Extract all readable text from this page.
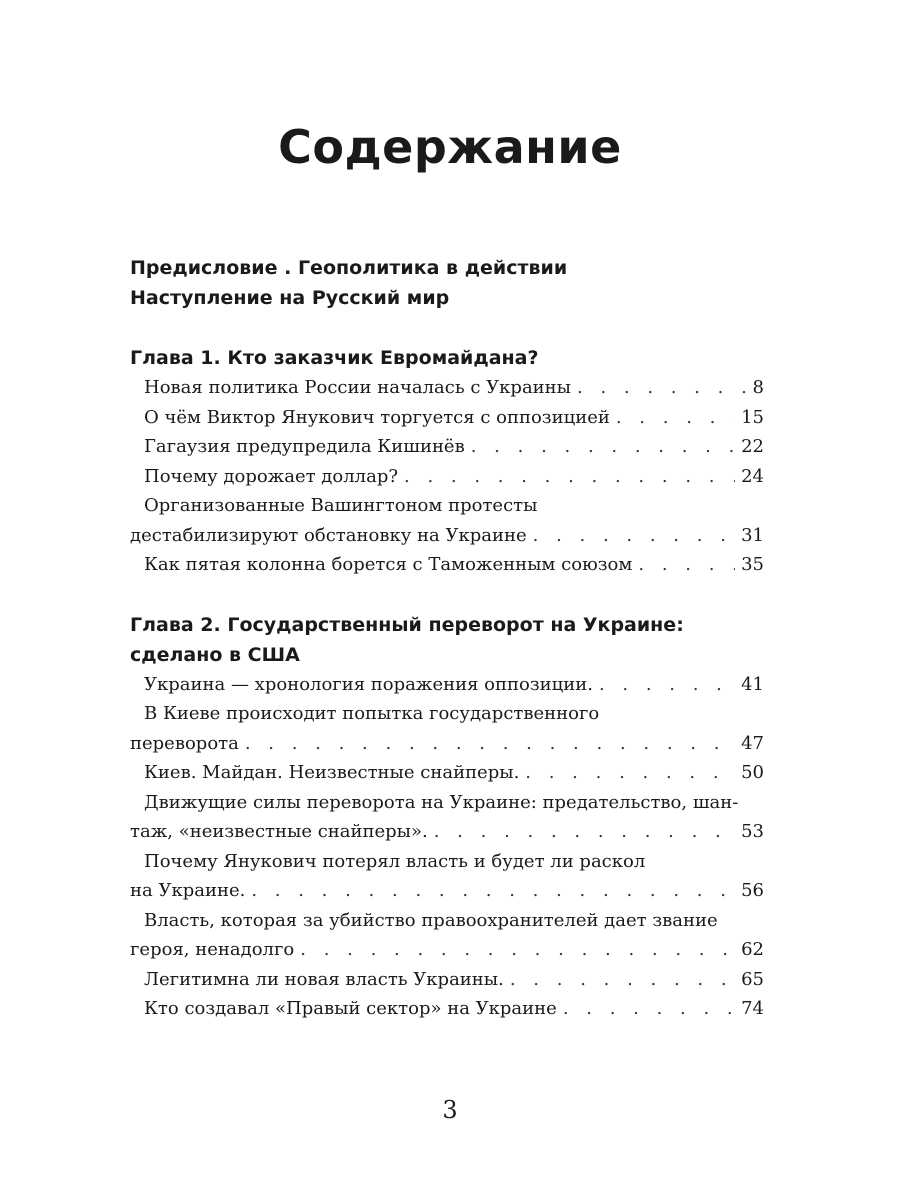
Содержание
Предисловие . Геополитика в действии
Наступление на Русский мир
Глава 1. Кто заказчик Евромайдана?
Новая политика России началась с Украины . . .	8
О чём Виктор Янукович торгуется с оппозицией . . .	15
Гагаузия предупредила Кишинёв . . .	22
Почему дорожает доллар? . . .	24
Организованные Вашингтоном протесты
дестабилизируют обстановку на Украине . . .	31
Как пятая колонна борется с Таможенным союзом . . .	35
Глава 2. Государственный переворот на Украине:
сделано в США
Украина — хронология поражения оппозиции. . . .	41
В Киеве происходит попытка государственного
переворота . . .	47
Киев. Майдан. Неизвестные снайперы. . . .	50
Движущие силы переворота на Украине: предательство, шан-
таж, «неизвестные снайперы». . . .	53
Почему Янукович потерял власть и будет ли раскол
на Украине. . . .	56
Власть, которая за убийство правоохранителей дает звание
героя, ненадолго . . .	62
Легитимна ли новая власть Украины. . . .	65
Кто создавал «Правый сектор» на Украине . . .	74
3
